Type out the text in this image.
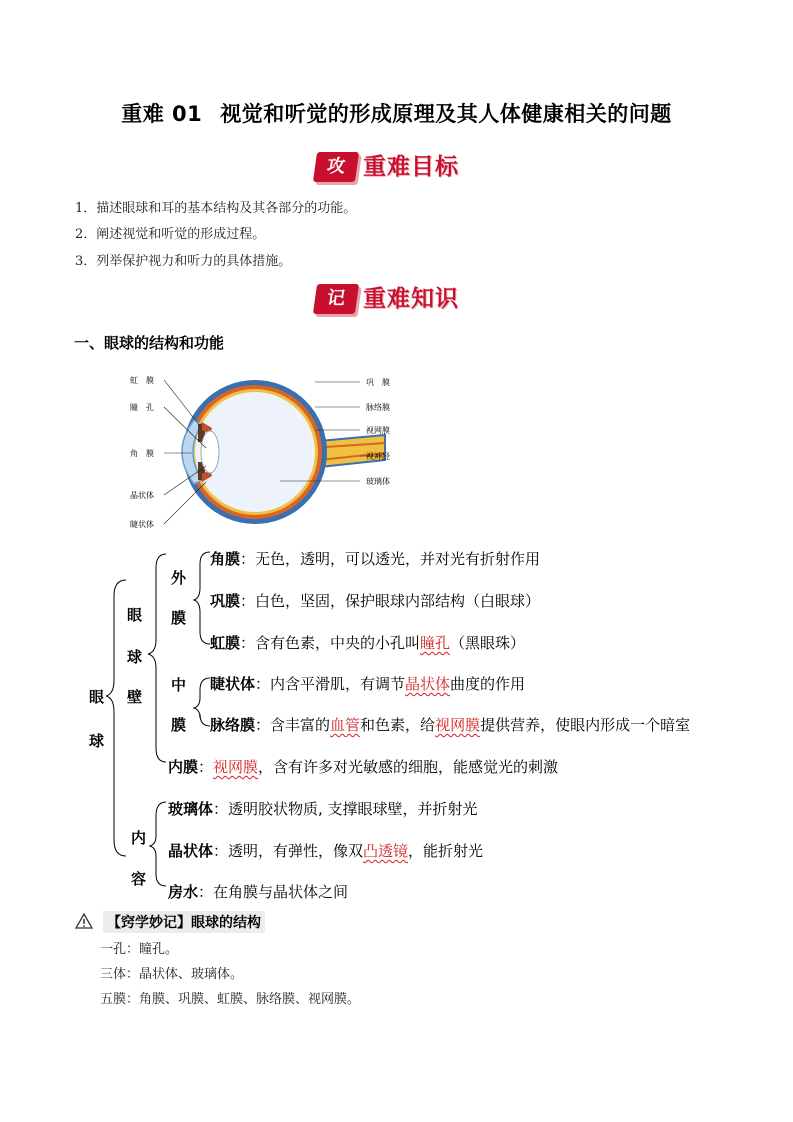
重难 01 视觉和听觉的形成原理及其人体健康相关的问题
攻 重难目标
1．描述眼球和耳的基本结构及其各部分的功能。
2．阐述视觉和听觉的形成过程。
3．列举保护视力和听力的具体措施。
记 重难知识
一、眼球的结构和功能
虹　膜
瞳　孔
角　膜
晶状体
睫状体
巩　膜
脉络膜
视网膜
视神经
玻璃体
眼
球
眼
球
壁
外
膜
中
膜
内
容
角膜：无色，透明，可以透光，并对光有折射作用
巩膜：白色，坚固，保护眼球内部结构（白眼球）
虹膜：含有色素，中央的小孔叫瞳孔（黑眼珠）
睫状体：内含平滑肌，有调节晶状体曲度的作用
脉络膜：含丰富的血管和色素，给视网膜提供营养，使眼内形成一个暗室
内膜：视网膜，含有许多对光敏感的细胞，能感觉光的刺激
玻璃体：透明胶状物质, 支撑眼球壁，并折射光
晶状体：透明，有弹性，像双凸透镜，能折射光
房水：在角膜与晶状体之间
【窍学妙记】眼球的结构
一孔：瞳孔。
三体：晶状体、玻璃体。
五膜：角膜、巩膜、虹膜、脉络膜、视网膜。
